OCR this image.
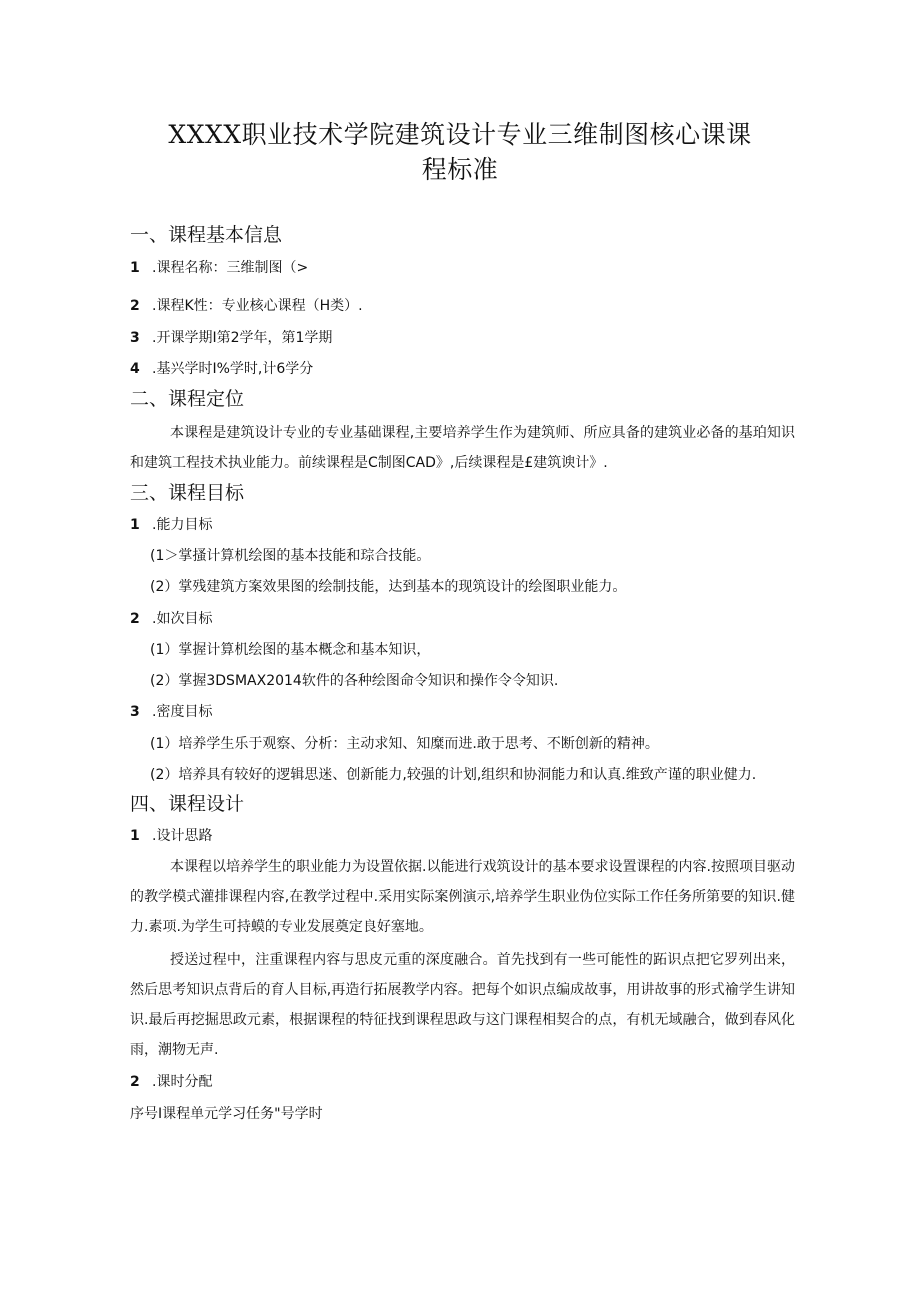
XXXX职业技术学院建筑设计专业三维制图核心课课
程标准
一、课程基本信息
1 .课程名称：三维制图（>
2 .课程K性：专业核心课程（H类）.
3 .开课学期I第2学年，第1学期
4 .基兴学时I%学时,计6学分
二、课程定位
本课程是建筑设计专业的专业基础课程,主要培养学生作为建筑师、所应具备的建筑业必备的基珀知识和建筑工程技术执业能力。前续课程是C制图CAD》,后续课程是£建筑谀计》.
三、课程目标
1 .能力目标
(1＞掌搔计算机绘图的基本技能和琮合技能。
(2）掌残建筑方案效果图的绘制技能，达到基本的现筑设计的绘图职业能力。
2 .如次目标
(1）掌握计算机绘图的基本概念和基本知识，
(2）掌握3DSMAX2014软件的各种绘图命令知识和操作令令知识.
3 .密度目标
(1）培养学生乐于观察、分析：主动求知、知糜而进.敢于思考、不断创新的精神。
(2）培养具有较好的逻辑思迷、创新能力,较强的计划,组织和协洞能力和认真.维致产谨的职业健力.
四、课程设计
1 .设计思路
本课程以培养学生的职业能力为设置依据.以能进行戏筑设计的基本要求设置课程的内容.按照项目驱动的教学模式灌排课程内容,在教学过程中.采用实际案例演示,培养学生职业伪位实际工作任务所第要的知识.健力.素项.为学生可持蟆的专业发展奠定良好塞地。
授送过程中，注重课程内容与思皮元重的深度融合。首先找到有一些可能性的跖识点把它罗列出来，然后思考知识点背后的育人目标,再造行拓展教学内容。把每个如识点编成故事，用讲故事的形式褕学生讲知识.最后再挖掘思政元素，根据课程的特征找到课程思政与这门课程相契合的点，有机无域融合，做到春风化雨，潮物无声.
2 .课时分配
序号I课程单元学习任务"号学时
